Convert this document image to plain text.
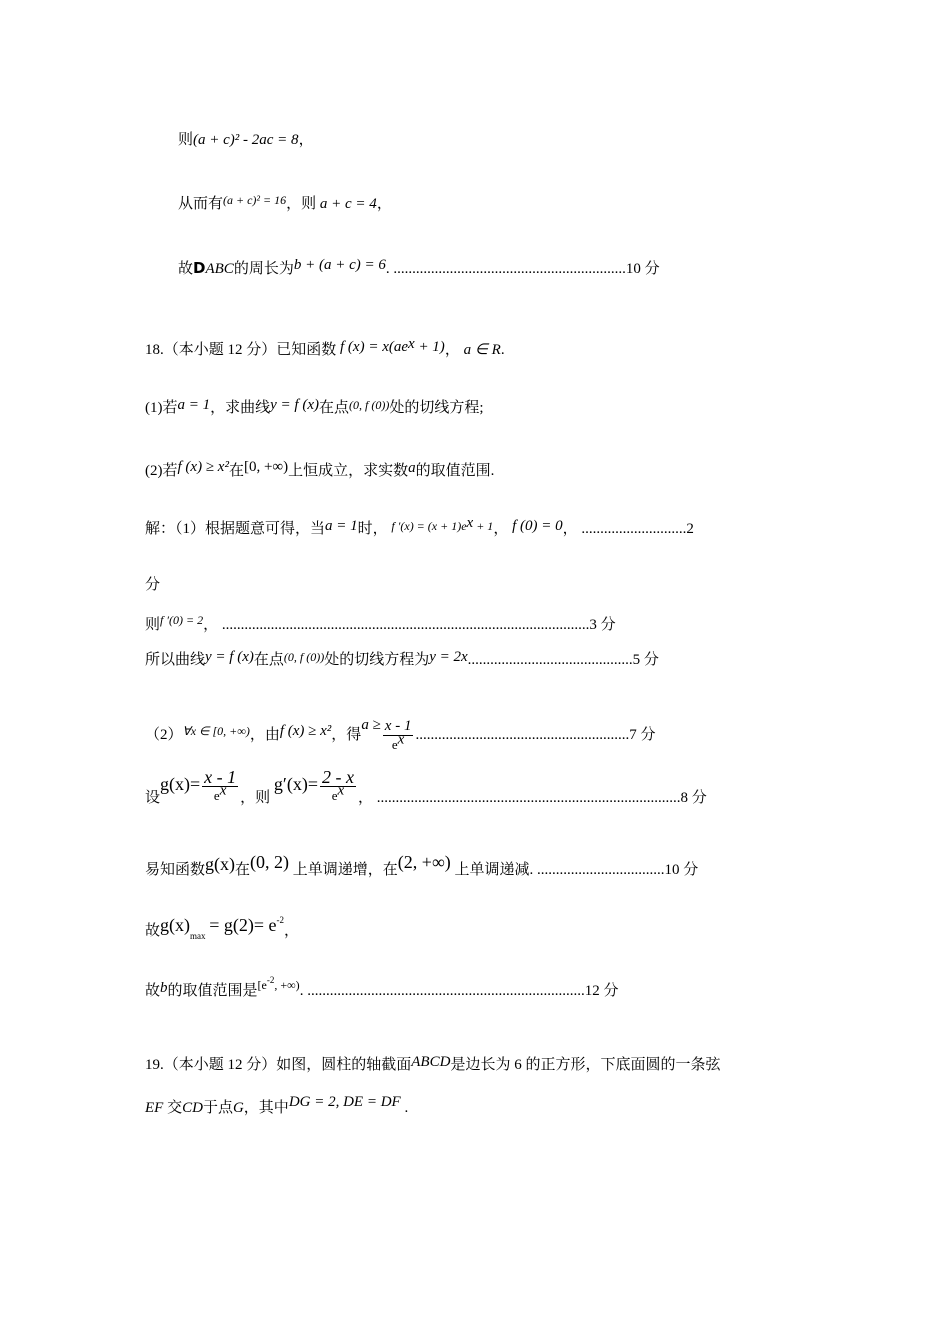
则(a + c)² - 2ac = 8，
从而有$^{(a + c)^2 = 16}$，则 a + c = 4，
故DABC的周长为b + (a + c) = 6. ..............................................................10 分
18.（本小题 12 分）已知函数 f $(x) = x(ae^x + 1)$， a ∈ R.
(1)若a = 1，求曲线y = f (x)在点$^{(0, f (0))}$处的切线方程;
(2)若f (x) ≥ x²在[0, +∞)上恒成立，求实数a的取值范围.
解：（1）根据题意可得，当a = 1时， $^{f '(x) = (x + 1)ex}$ $^{+ 1}$， f (0) = 0， ............................2
分
则$^{f '(0) = 2}$， ..................................................................................................3 分
所以曲线y = f (x)在点$^{(0, f (0))}$处的切线方程为y = 2x............................................5 分
$(2)^{\forall x \in [0, +\infty)}$，由f (x) ≥ x²，得$a \ge \frac{x - 1}{e^x} .........................................................7$ 分
设$g(x)= \frac{x - 1}{e^x}$ ，则 $g'(x)= \frac{2 - x}{e^x}$ ， .................................................................................8 分
易知函数g(x)在(0, 2) 上单调递增，在(2, +∞) 上单调递减. ..................................10 分
故$g(x)_{max} = g(2)= e^{-2}$，
故b的取值范围是$^{[e-2, +\infty)}$. ..........................................................................12 分
19.（本小题 12 分）如图，圆柱的轴截面ABCD是边长为 6 的正方形，下底面圆的一条弦
EF 交CD于点G，其中DG = 2, DE = DF .
